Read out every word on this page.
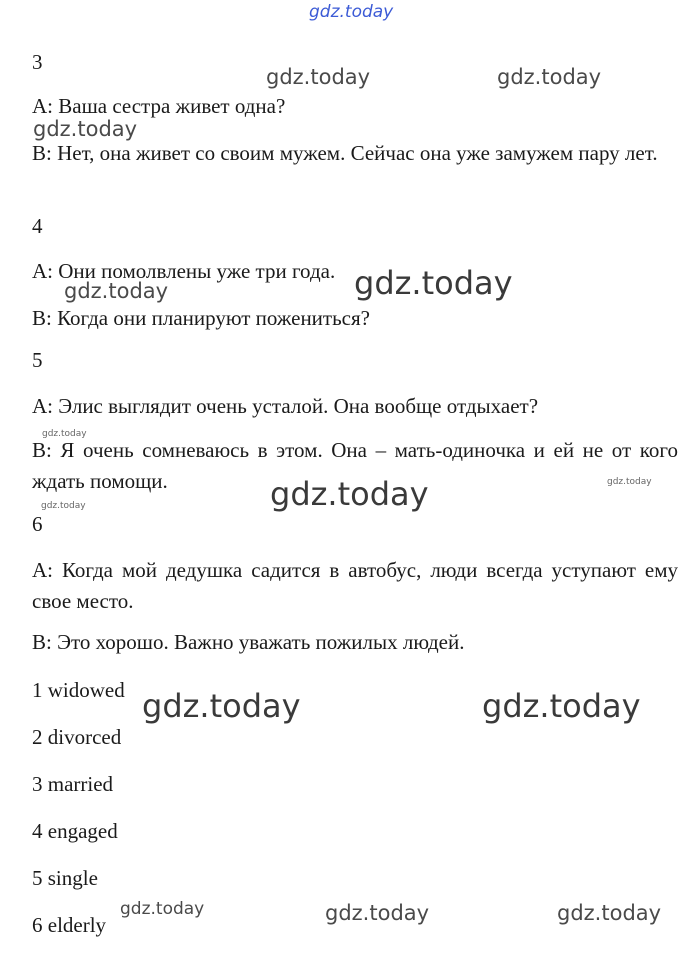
gdz.today
3
A: Ваша сестра живет одна?
B: Нет, она живет со своим мужем. Сейчас она уже замужем пару лет.
4
A: Они помолвлены уже три года.
B: Когда они планируют пожениться?
5
A: Элис выглядит очень усталой. Она вообще отдыхает?
B: Я очень сомневаюсь в этом. Она – мать-одиночка и ей не от кого ждать помощи.
6
A: Когда мой дедушка садится в автобус, люди всегда уступают ему свое место.
B: Это хорошо. Важно уважать пожилых людей.
1 widowed
2 divorced
3 married
4 engaged
5 single
6 elderly
gdz.today	gdz.today
gdz.today
gdz.today
gdz.today
gdz.today
gdz.today	gdz.today
gdz.today
gdz.today	gdz.today
gdz.today	gdz.today	gdz.today
